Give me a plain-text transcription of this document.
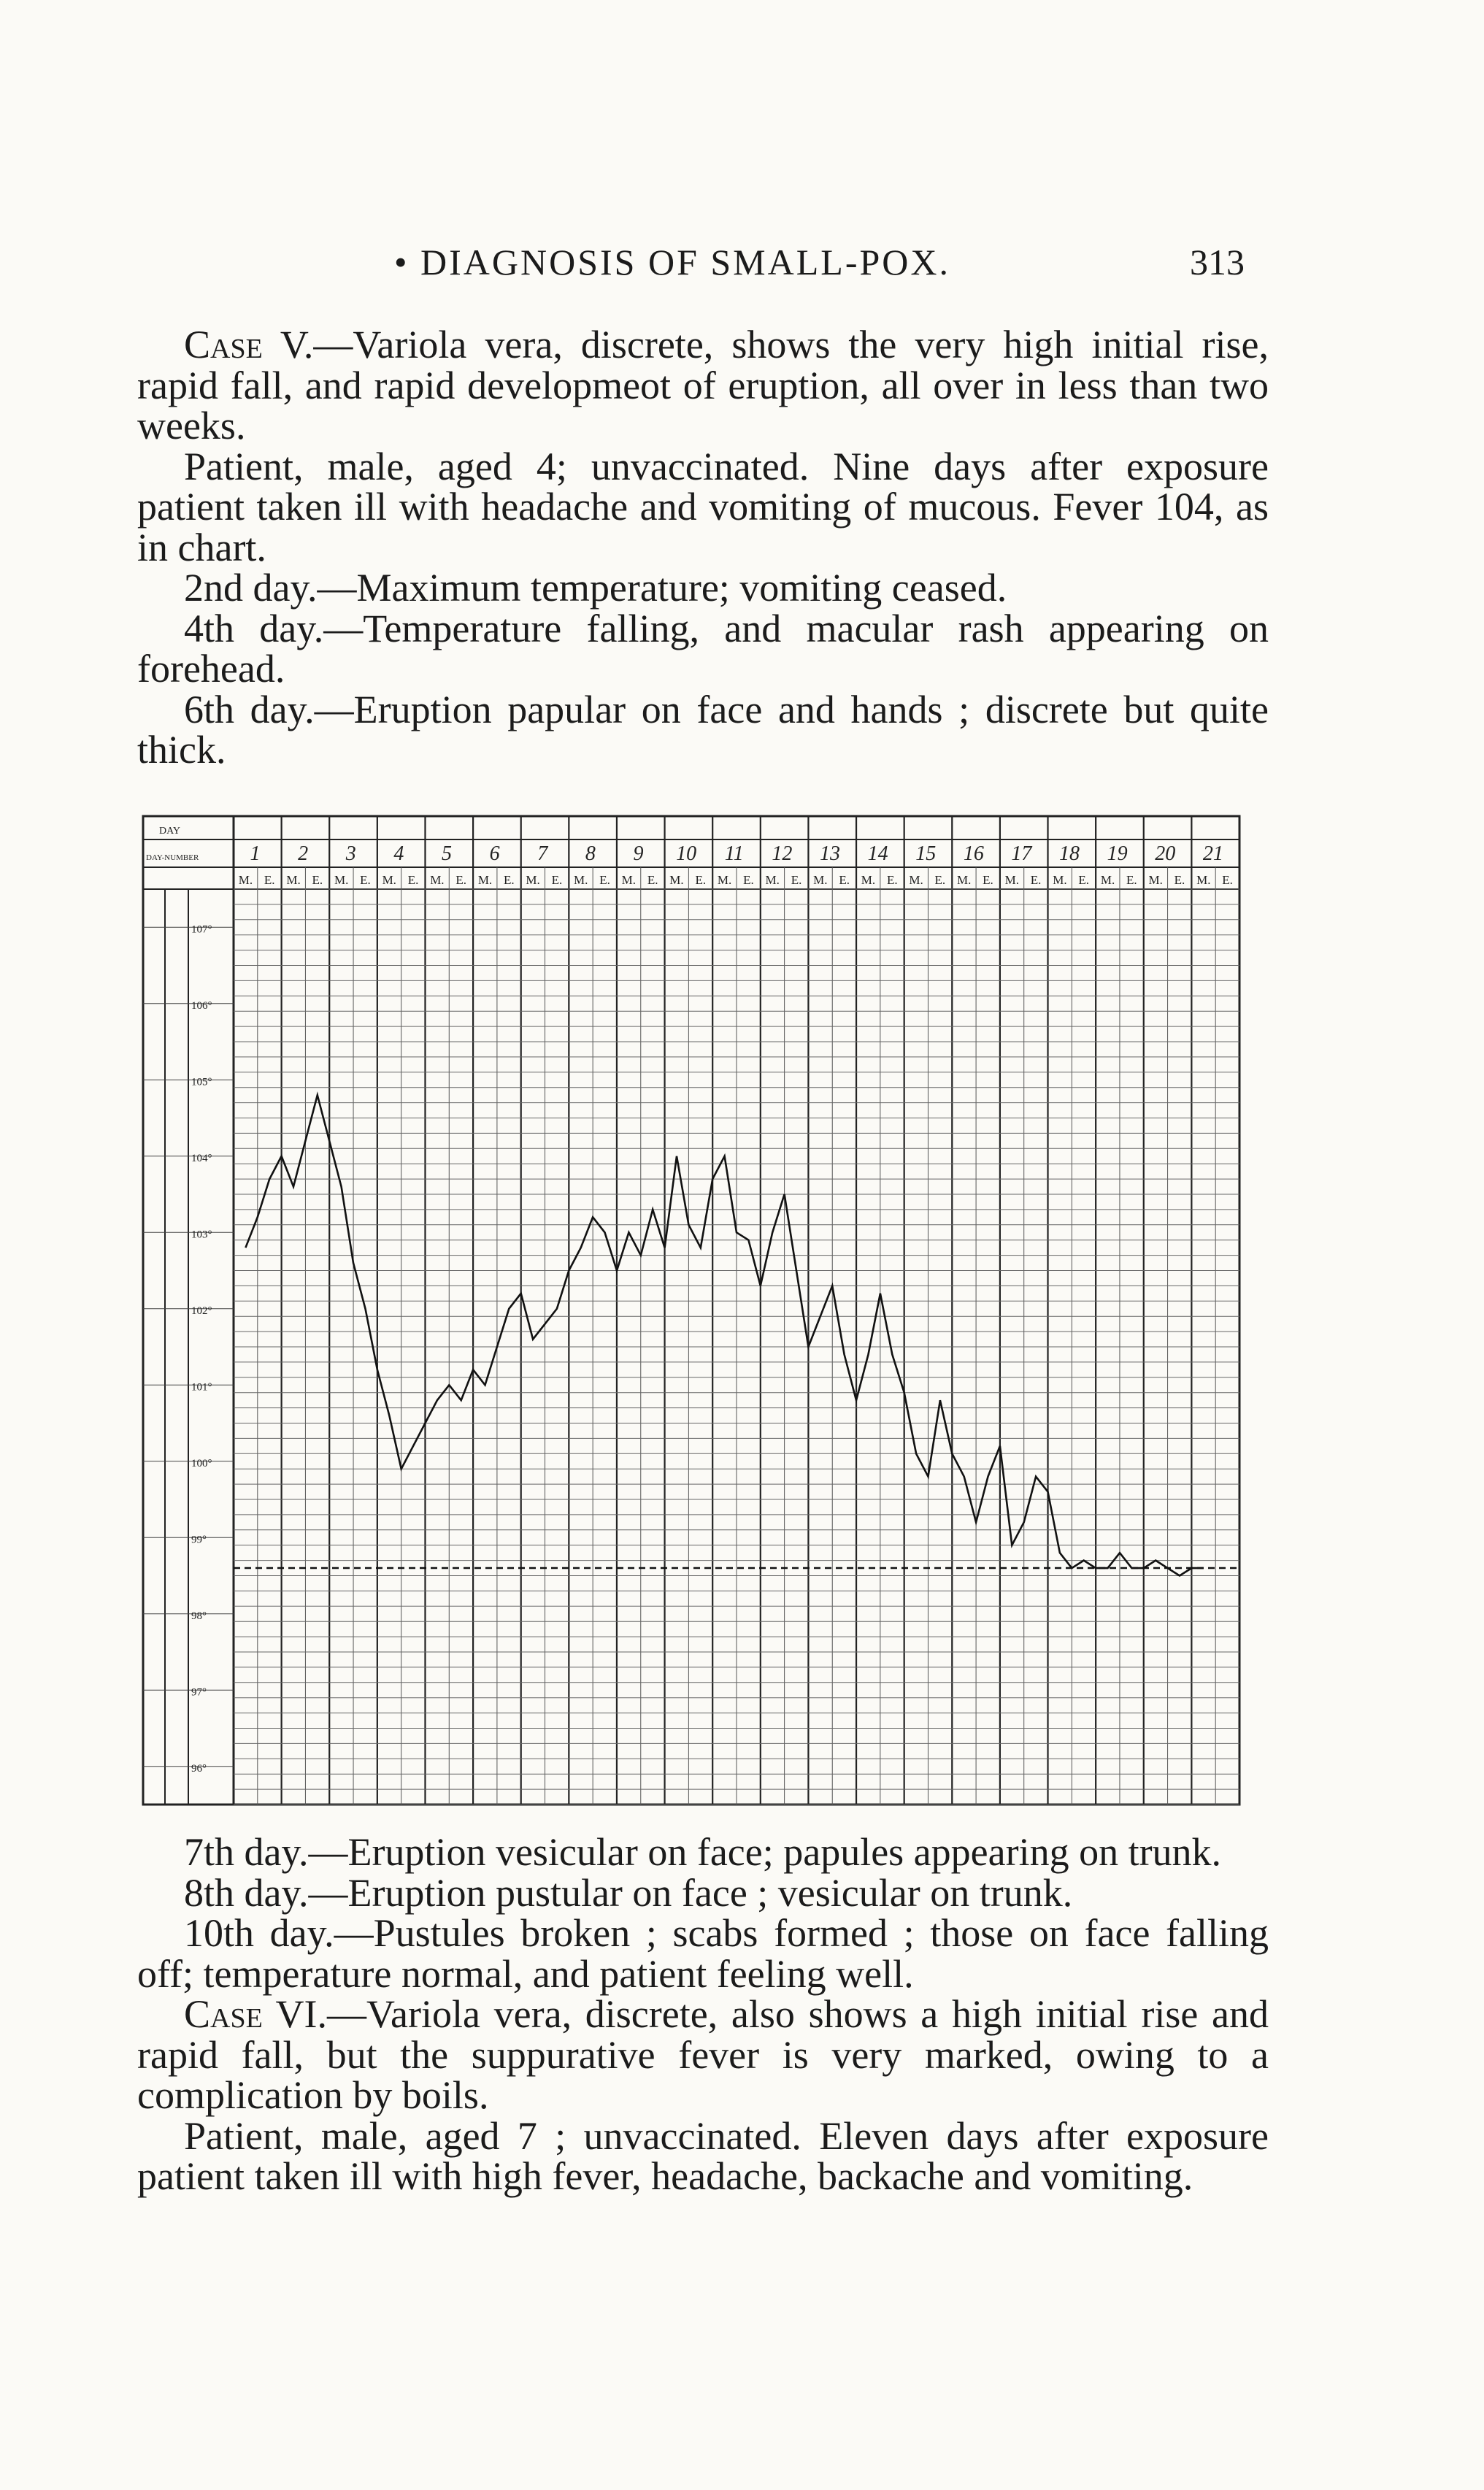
• DIAGNOSIS OF SMALL-POX.	313

Case V.—Variola vera, discrete, shows the very high initial rise, rapid fall, and rapid developmeot of eruption, all over in less than two weeks.

Patient, male, aged 4; unvaccinated. Nine days after exposure patient taken ill with headache and vomiting of mucous. Fever 104, as in chart.

2nd day.—Maximum temperature; vomiting ceased.

4th day.—Temperature falling, and macular rash appearing on forehead.

6th day.—Eruption papular on face and hands ; discrete but quite thick.

DAY
DAY-NUMBER	1
M. E.
2
M. E.
3
M. E.
4
M. E.
5
M. E.
6
M. E.
7
M. E.
8
M. E.
9
M. E.
10
M. E.
11
M. E.
12
M. E.
13
M. E.
14
M. E.
15
M. E.
16
M. E.
17
M. E.
18
M. E.
19
M. E.
20
M. E.
21
M. E.
107°
106°
105°
104°
103°
102°
101°
100°
99°
98°
97°
96°

7th day.—Eruption vesicular on face; papules appearing on trunk.

8th day.—Eruption pustular on face ; vesicular on trunk.

10th day.—Pustules broken ; scabs formed ; those on face falling off; temperature normal, and patient feeling well.

Case VI.—Variola vera, discrete, also shows a high initial rise and rapid fall, but the suppurative fever is very marked, owing to a complication by boils.

Patient, male, aged 7 ; unvaccinated. Eleven days after exposure patient taken ill with high fever, headache, backache and vomiting.
